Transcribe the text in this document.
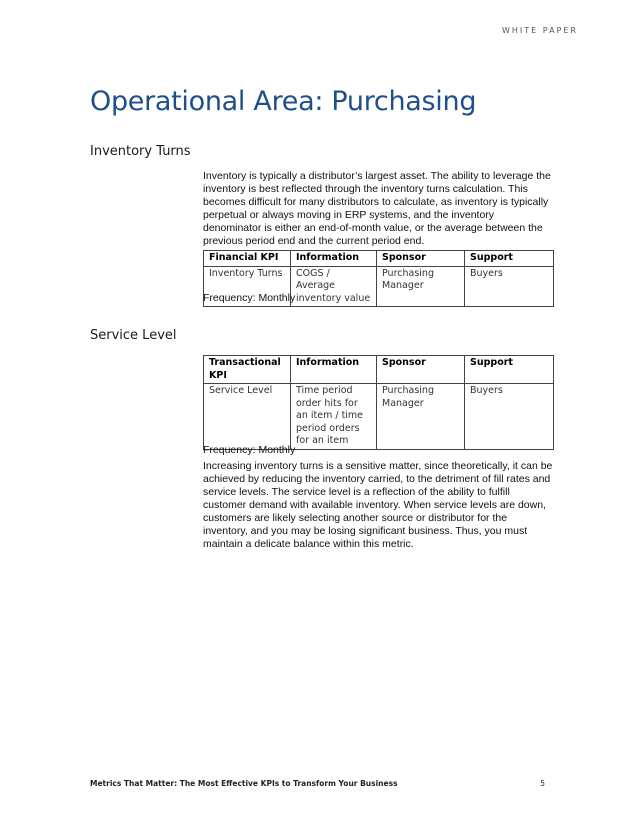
WHITE PAPER
Operational Area: Purchasing
Inventory Turns

Inventory is typically a distributor’s largest asset. The ability to leverage the inventory is best reflected through the inventory turns calculation. This becomes difficult for many distributors to calculate, as inventory is typically perpetual or always moving in ERP systems, and the inventory denominator is either an end-of-month value, or the average between the previous period end and the current period end.

Financial KPI	Information	Sponsor	Support
Inventory Turns	COGS / Average inventory value	Purchasing Manager	Buyers

Frequency: Monthly

Service Level
Transactional KPI	Information	Sponsor	Support
Service Level	Time period order hits for an item / time period orders for an item	Purchasing Manager	Buyers

Frequency: Monthly

Increasing inventory turns is a sensitive matter, since theoretically, it can be achieved by reducing the inventory carried, to the detriment of fill rates and service levels. The service level is a reflection of the ability to fulfill customer demand with available inventory. When service levels are down, customers are likely selecting another source or distributor for the inventory, and you may be losing significant business. Thus, you must maintain a delicate balance within this metric.

Metrics That Matter: The Most Effective KPIs to Transform Your Business	5
